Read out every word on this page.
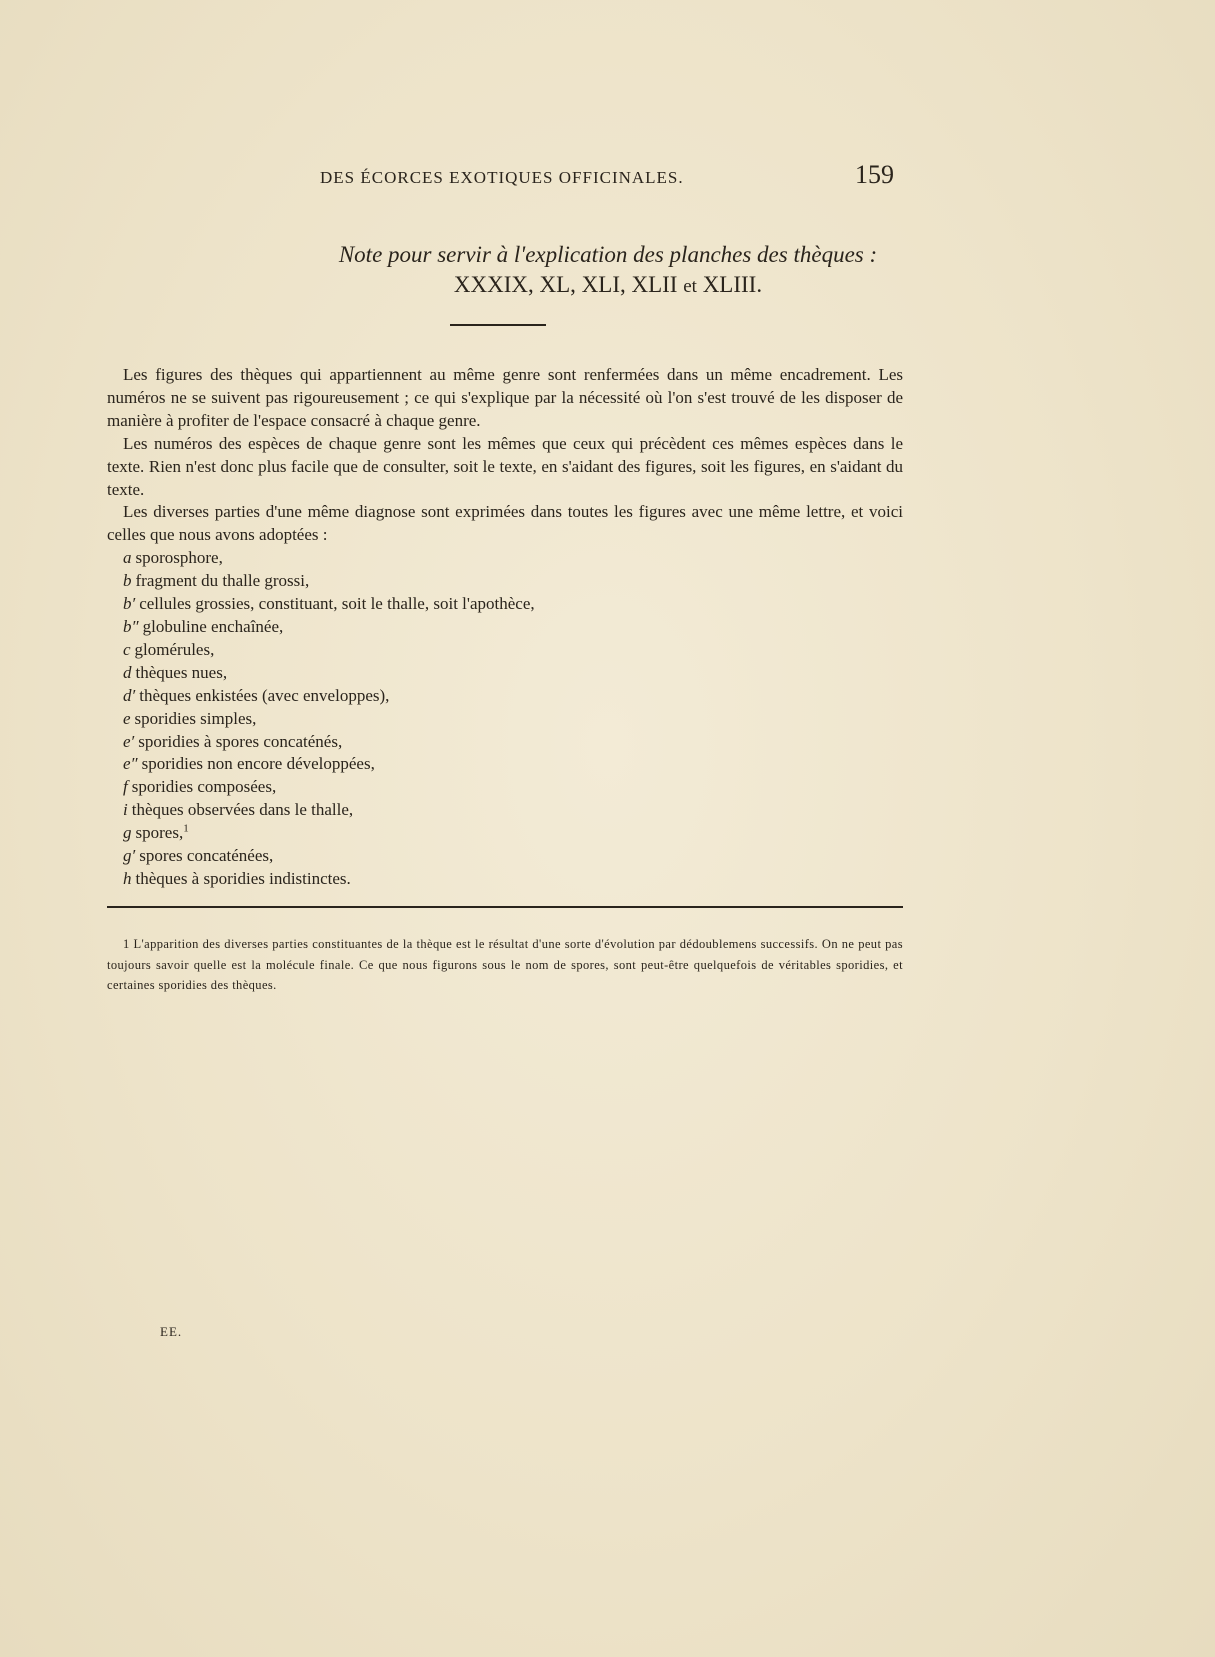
DES ÉCORCES EXOTIQUES OFFICINALES.	159
Note pour servir à l'explication des planches des thèques :
XXXIX, XL, XLI, XLII et XLIII.

Les figures des thèques qui appartiennent au même genre sont renfermées dans un même encadrement. Les numéros ne se suivent pas rigoureusement ; ce qui s'explique par la nécessité où l'on s'est trouvé de les disposer de manière à profiter de l'espace consacré à chaque genre.

Les numéros des espèces de chaque genre sont les mêmes que ceux qui précèdent ces mêmes espèces dans le texte. Rien n'est donc plus facile que de consulter, soit le texte, en s'aidant des figures, soit les figures, en s'aidant du texte.

Les diverses parties d'une même diagnose sont exprimées dans toutes les figures avec une même lettre, et voici celles que nous avons adoptées :

a sporosphore,
b fragment du thalle grossi,
b′ cellules grossies, constituant, soit le thalle, soit l'apothèce,
b″ globuline enchaînée,
c glomérules,
d thèques nues,
d′ thèques enkistées (avec enveloppes),
e sporidies simples,
e′ sporidies à spores concaténés,
e″ sporidies non encore développées,
f sporidies composées,
i thèques observées dans le thalle,
g spores,$^1$
g′ spores concaténées,
h thèques à sporidies indistinctes.

1 L'apparition des diverses parties constituantes de la thèque est le résultat d'une sorte d'évolution par dédoublemens successifs. On ne peut pas toujours savoir quelle est la molécule finale. Ce que nous figurons sous le nom de spores, sont peut-être quelquefois de véritables sporidies, et certaines sporidies des thèques.

EE.
